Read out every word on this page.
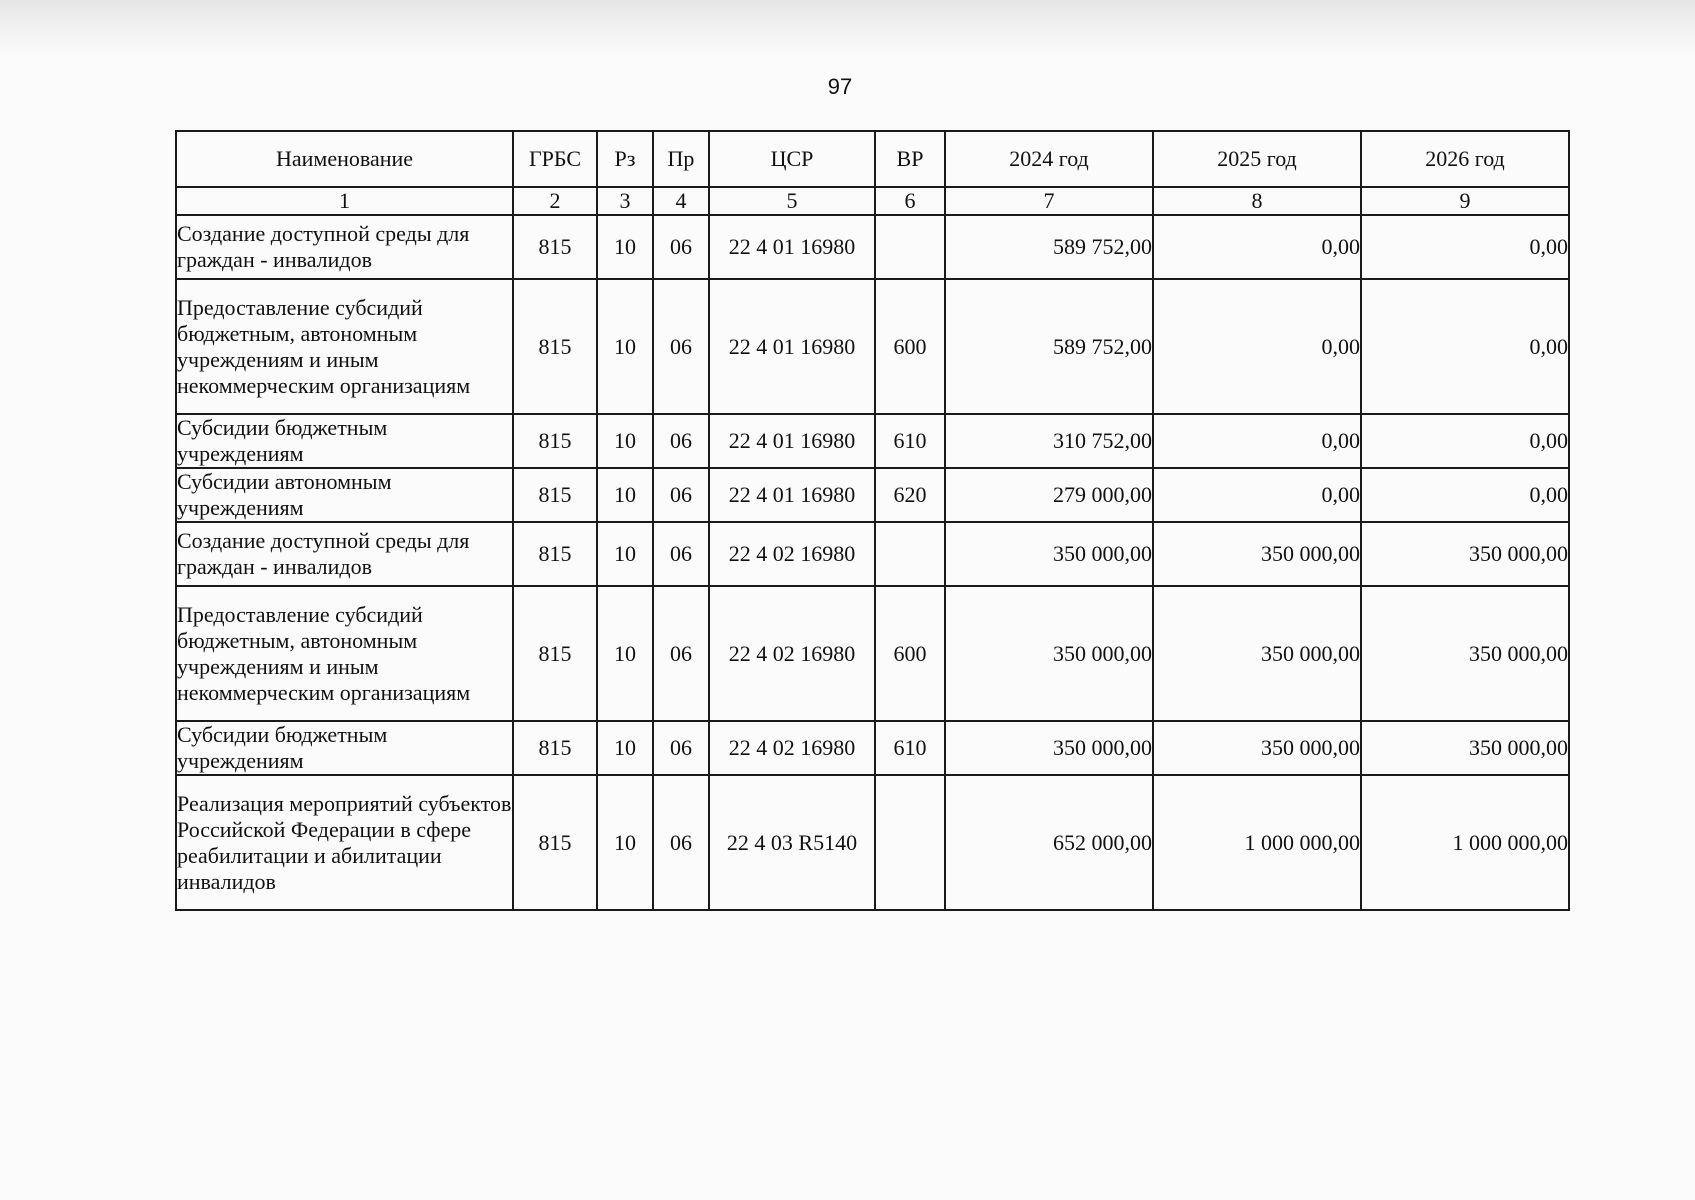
97
Наименование	ГРБС	Рз	Пр	ЦСР	ВР	2024 год	2025 год	2026 год
1	2	3	4	5	6	7	8	9
Создание доступной среды для граждан - инвалидов	815	10	06	22 4 01 16980		589 752,00	0,00	0,00
Предоставление субсидий бюджетным, автономным учреждениям и иным некоммерческим организациям	815	10	06	22 4 01 16980	600	589 752,00	0,00	0,00
Субсидии бюджетным учреждениям	815	10	06	22 4 01 16980	610	310 752,00	0,00	0,00
Субсидии автономным учреждениям	815	10	06	22 4 01 16980	620	279 000,00	0,00	0,00
Создание доступной среды для граждан - инвалидов	815	10	06	22 4 02 16980		350 000,00	350 000,00	350 000,00
Предоставление субсидий бюджетным, автономным учреждениям и иным некоммерческим организациям	815	10	06	22 4 02 16980	600	350 000,00	350 000,00	350 000,00
Субсидии бюджетным учреждениям	815	10	06	22 4 02 16980	610	350 000,00	350 000,00	350 000,00
Реализация мероприятий субъектов Российской Федерации в сфере реабилитации и абилитации инвалидов	815	10	06	22 4 03 R5140		652 000,00	1 000 000,00	1 000 000,00
